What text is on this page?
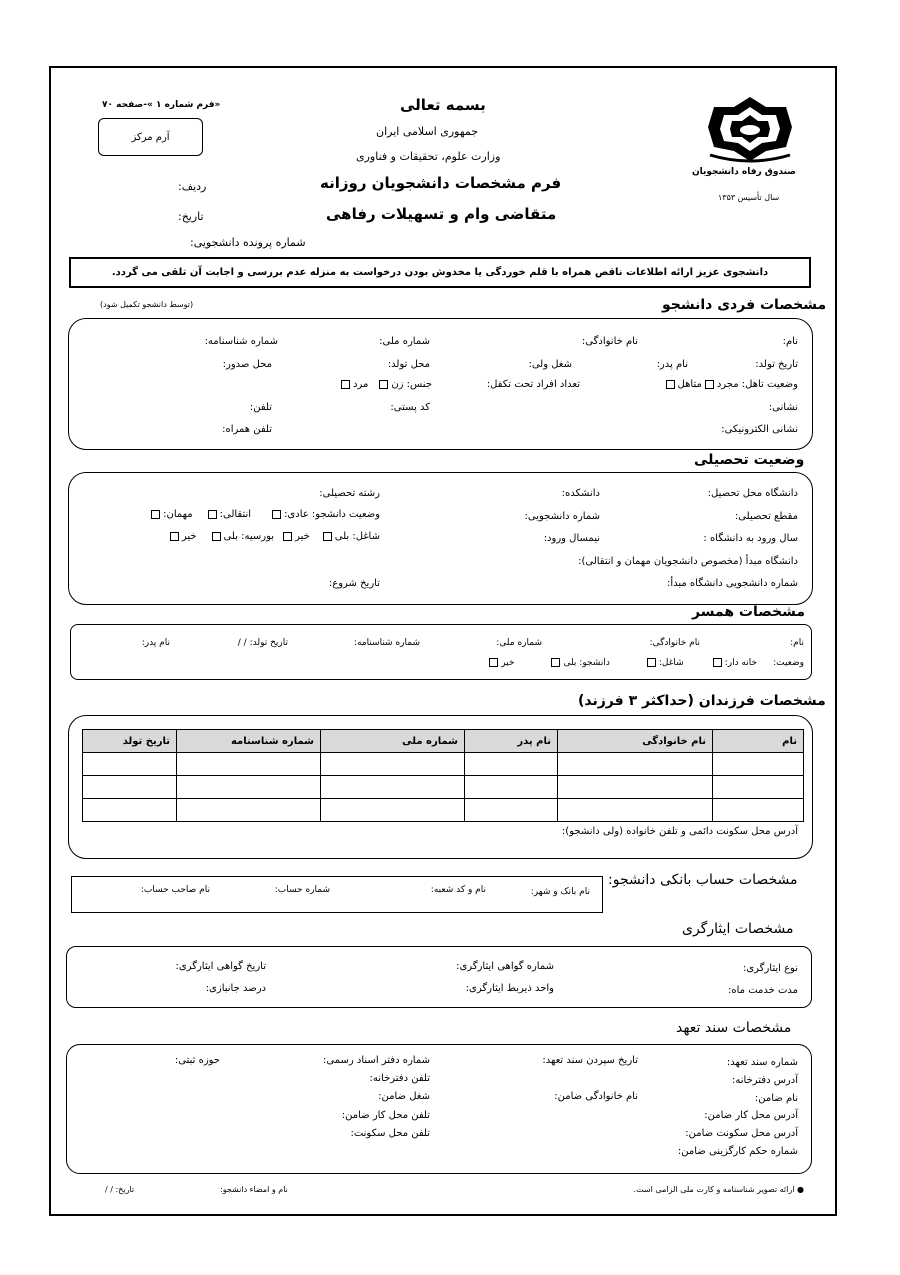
صندوق رفاه دانشجویان
سال تأسیس ۱۳۵۳
بسمه تعالی
جمهوری اسلامی ایران
وزارت علوم، تحقیقات و فناوری
فرم مشخصات دانشجویان روزانه
متقاضی وام و تسهیلات رفاهی
شماره پرونده دانشجویی:
«فرم شماره ۱ »-صفحه ۷۰
آرم مرکز
ردیف:
تاریخ:
دانشجوی عزیز ارائه اطلاعات ناقص همراه با قلم خوردگی یا مخدوش بودن درخواست به منزله عدم بررسی و اجابت آن تلقی می گردد.
مشخصات فردی دانشجو
(توسط دانشجو تکمیل شود)
نام:
نام خانوادگی:
شماره ملی:
شماره شناسنامه:
تاریخ تولد:
نام پدر:
شغل ولی:
محل تولد:
محل صدور:
وضعیت تاهل: مجردمتاهل
تعداد افراد تحت تکفل:
جنس: زنمرد
نشانی:
کد پستی:
تلفن:
نشانی الکترونیکی:
تلفن همراه:
وضعیت تحصیلی
دانشگاه محل تحصیل:
دانشکده:
رشته تحصیلی:
مقطع تحصیلی:
شماره دانشجویی:
وضعیت دانشجو: عادی:انتقالی:مهمان:
سال ورود به دانشگاه :
نیمسال ورود:
شاغل: بلیخیربورسیه: بلیخیر
دانشگاه مبدأ (مخصوص دانشجویان مهمان و انتقالی):
شماره دانشجویی دانشگاه مبدأ:
تاریخ شروع:
مشخصات همسر
نام:
نام خانوادگی:
شماره ملی:
شماره شناسنامه:
تاریخ تولد: / /
نام پدر:
وضعیت:خانه دار:شاغل:دانشجو: بلیخیر
مشخصات فرزندان (حداکثر ۳ فرزند)
نام	نام خانوادگی	نام پدر	شماره ملی	شماره شناسنامه	تاریخ تولد

آدرس محل سکونت دائمی و تلفن خانواده (ولی دانشجو):
مشخصات حساب بانکی دانشجو:
نام بانک و شهر:
نام و کد شعبه:
شماره حساب:
نام صاحب حساب:
مشخصات ایثارگری
نوع ایثارگری:
شماره گواهی ایثارگری:
تاریخ گواهی ایثارگری:
مدت خدمت ماه:
واحد ذیربط ایثارگری:
درصد جانبازی:
مشخصات سند تعهد
شماره سند تعهد:
تاریخ سپردن سند تعهد:
شماره دفتر اسناد رسمی:
حوزه ثبتی:
آدرس دفترخانه:
تلفن دفترخانه:
نام ضامن:
نام خانوادگی ضامن:
شغل ضامن:
آدرس محل کار ضامن:
تلفن محل کار ضامن:
آدرس محل سکونت ضامن:
تلفن محل سکونت:
شماره حکم کارگزینی ضامن:
● ارائه تصویر شناسنامه و کارت ملی الزامی است.
نام و امضاء دانشجو:
تاریخ: / /
